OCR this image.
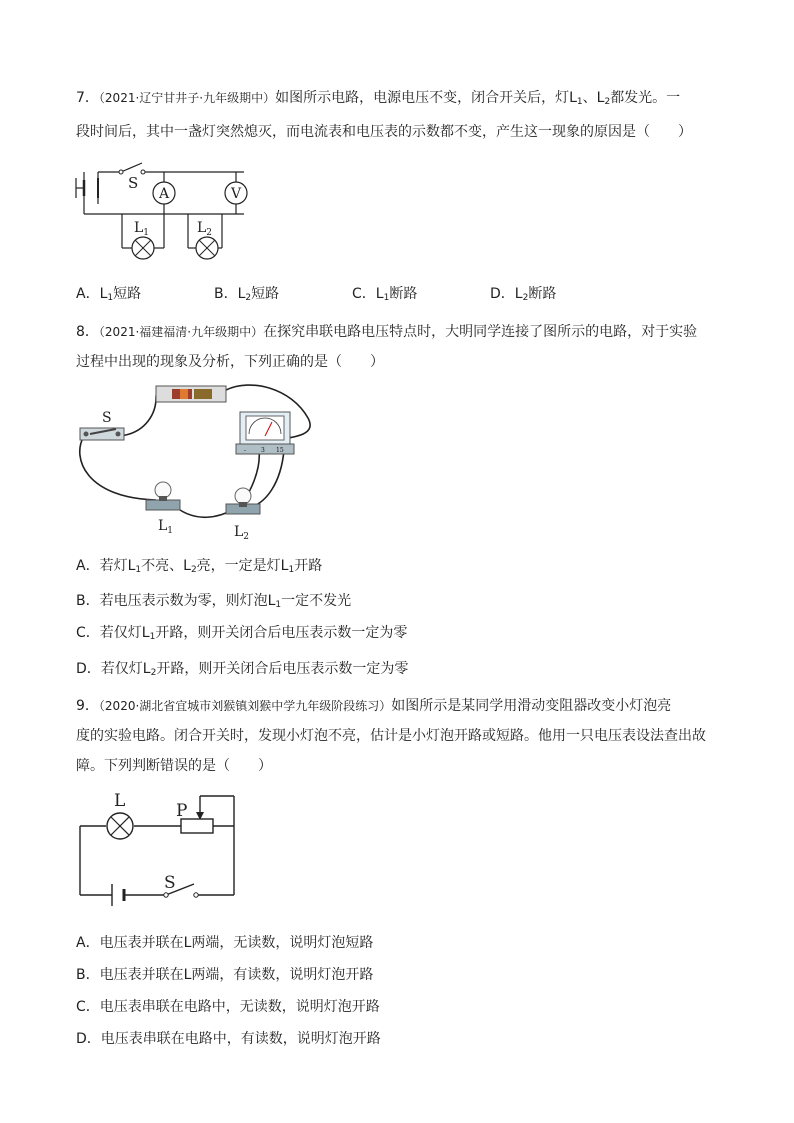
7．（2021·辽宁甘井子·九年级期中）如图所示电路，电源电压不变，闭合开关后，灯$L_1$、$L_2$都发光。一
段时间后，其中一盏灯突然熄灭，而电流表和电压表的示数都不变，产生这一现象的原因是（　　）
A	V
S
$L_1$	$L_2$
A．$L_1$短路	B．$L_2$短路	C．$L_1$断路	D．$L_2$断路
8．（2021·福建福清·九年级期中）在探究串联电路电压特点时，大明同学连接了图所示的电路，对于实验
过程中出现的现象及分析，下列正确的是（　　）
S
- 3 15
$L_1$	$L_2$
A．若灯$L_1$不亮、$L_2$亮，一定是灯$L_1$开路
B．若电压表示数为零，则灯泡$L_1$一定不发光
C．若仅灯$L_1$开路，则开关闭合后电压表示数一定为零
D．若仅灯$L_2$开路，则开关闭合后电压表示数一定为零
9．（2020·湖北省宜城市刘猴镇刘猴中学九年级阶段练习）如图所示是某同学用滑动变阻器改变小灯泡亮
度的实验电路。闭合开关时，发现小灯泡不亮，估计是小灯泡开路或短路。他用一只电压表设法查出故
障。下列判断错误的是（　　）
L	P
S
A．电压表并联在L两端，无读数，说明灯泡短路
B．电压表并联在L两端，有读数，说明灯泡开路
C．电压表串联在电路中，无读数，说明灯泡开路
D．电压表串联在电路中，有读数，说明灯泡开路
